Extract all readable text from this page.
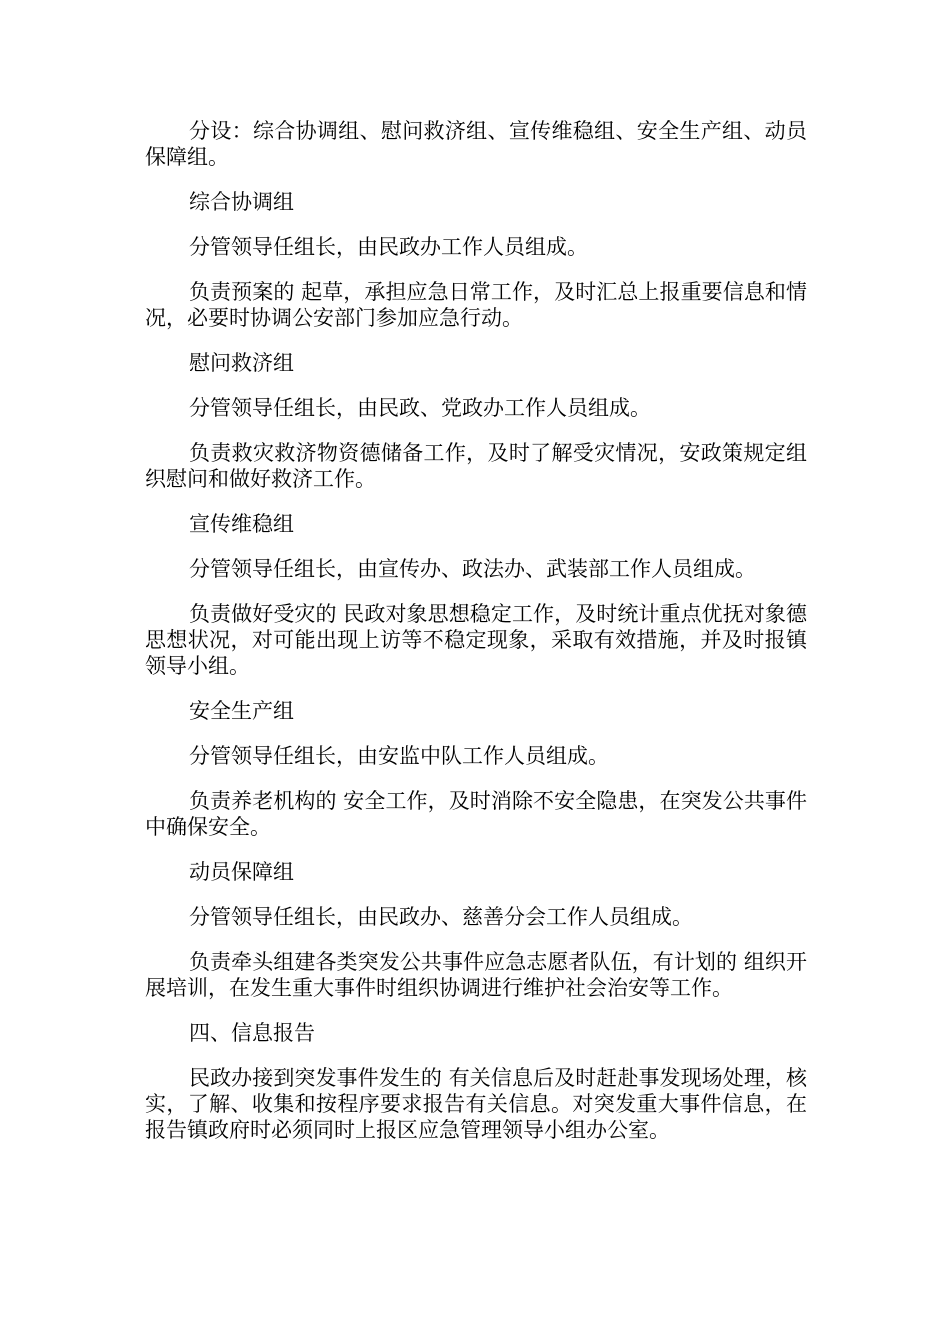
分设：综合协调组、慰问救济组、宣传维稳组、安全生产组、动员保障组。

综合协调组

分管领导任组长，由民政办工作人员组成。

负责预案的 起草，承担应急日常工作，及时汇总上报重要信息和情况，必要时协调公安部门参加应急行动。

慰问救济组

分管领导任组长，由民政、党政办工作人员组成。

负责救灾救济物资德储备工作，及时了解受灾情况，安政策规定组织慰问和做好救济工作。

宣传维稳组

分管领导任组长，由宣传办、政法办、武装部工作人员组成。

负责做好受灾的 民政对象思想稳定工作，及时统计重点优抚对象德思想状况，对可能出现上访等不稳定现象，采取有效措施，并及时报镇领导小组。

安全生产组

分管领导任组长，由安监中队工作人员组成。

负责养老机构的 安全工作，及时消除不安全隐患，在突发公共事件中确保安全。

动员保障组

分管领导任组长，由民政办、慈善分会工作人员组成。

负责牵头组建各类突发公共事件应急志愿者队伍，有计划的 组织开展培训，在发生重大事件时组织协调进行维护社会治安等工作。

四、信息报告

民政办接到突发事件发生的 有关信息后及时赶赴事发现场处理，核实，了解、收集和按程序要求报告有关信息。对突发重大事件信息，在报告镇政府时必须同时上报区应急管理领导小组办公室。
